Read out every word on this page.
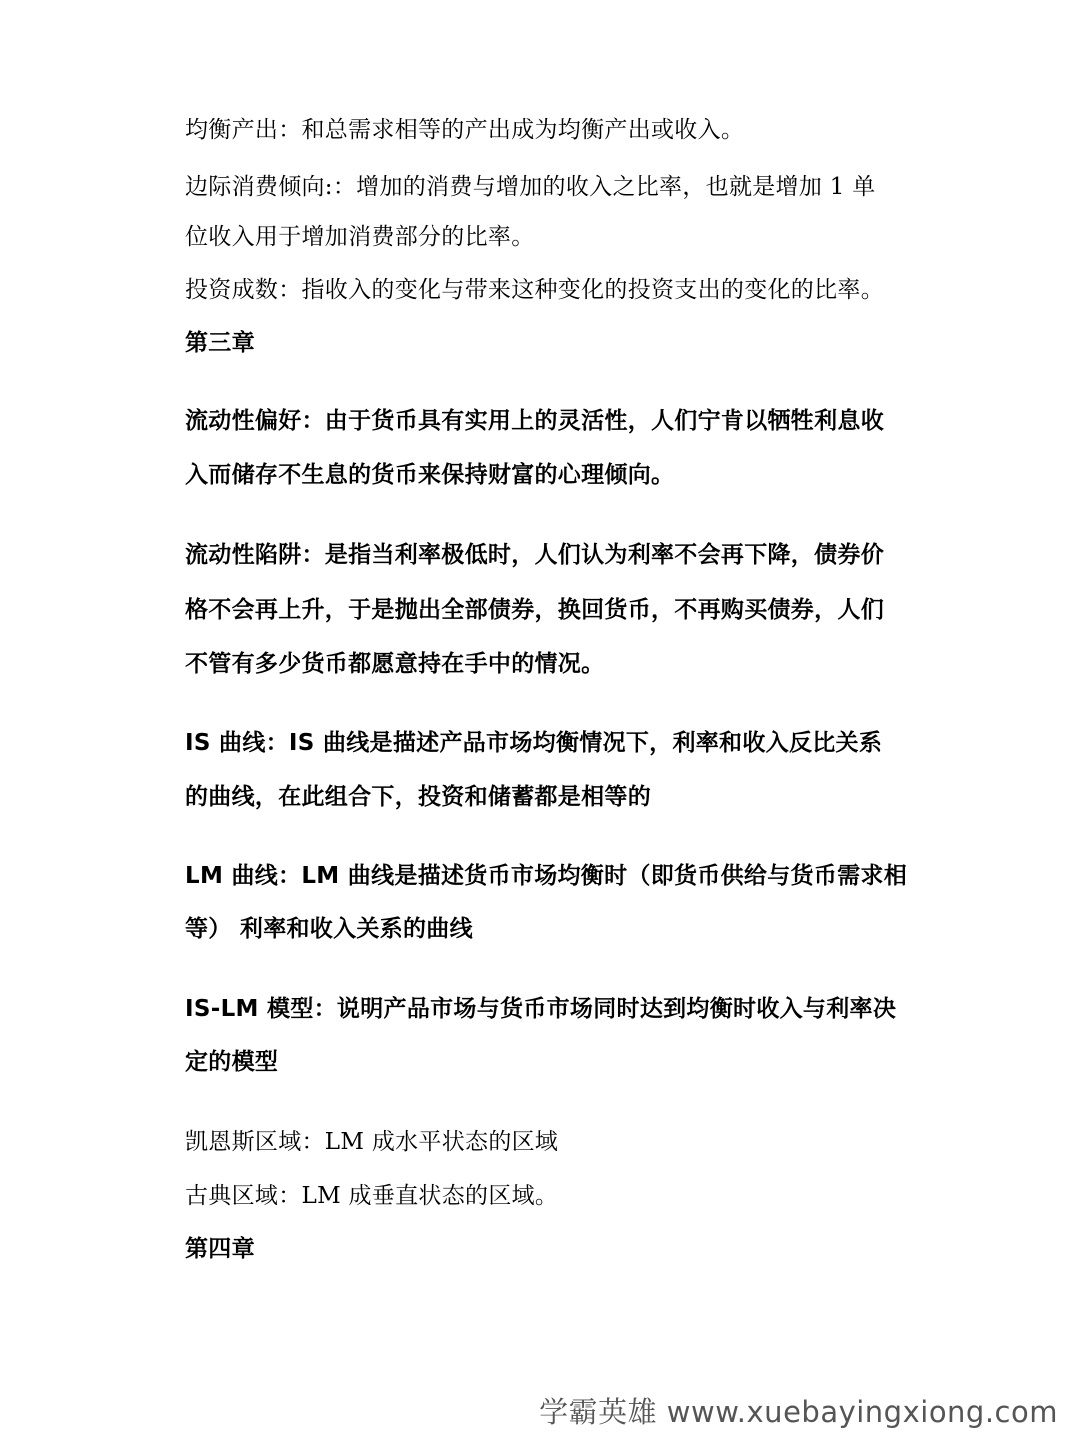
均衡产出：和总需求相等的产出成为均衡产出或收入。
边际消费倾向:：增加的消费与增加的收入之比率，也就是增加 1 单
位收入用于增加消费部分的比率。
投资成数：指收入的变化与带来这种变化的投资支出的变化的比率。
第三章
流动性偏好：由于货币具有实用上的灵活性，人们宁肯以牺牲利息收
入而储存不生息的货币来保持财富的心理倾向。
流动性陷阱：是指当利率极低时，人们认为利率不会再下降，债券价
格不会再上升，于是抛出全部债券，换回货币，不再购买债券，人们
不管有多少货币都愿意持在手中的情况。
IS 曲线：IS 曲线是描述产品市场均衡情况下，利率和收入反比关系
的曲线，在此组合下，投资和储蓄都是相等的
LM 曲线：LM 曲线是描述货币市场均衡时（即货币供给与货币需求相
等） 利率和收入关系的曲线
IS-LM 模型：说明产品市场与货币市场同时达到均衡时收入与利率决
定的模型
凯恩斯区域：LM 成水平状态的区域
古典区域：LM 成垂直状态的区域。
第四章
学霸英雄 www.xuebayingxiong.com
